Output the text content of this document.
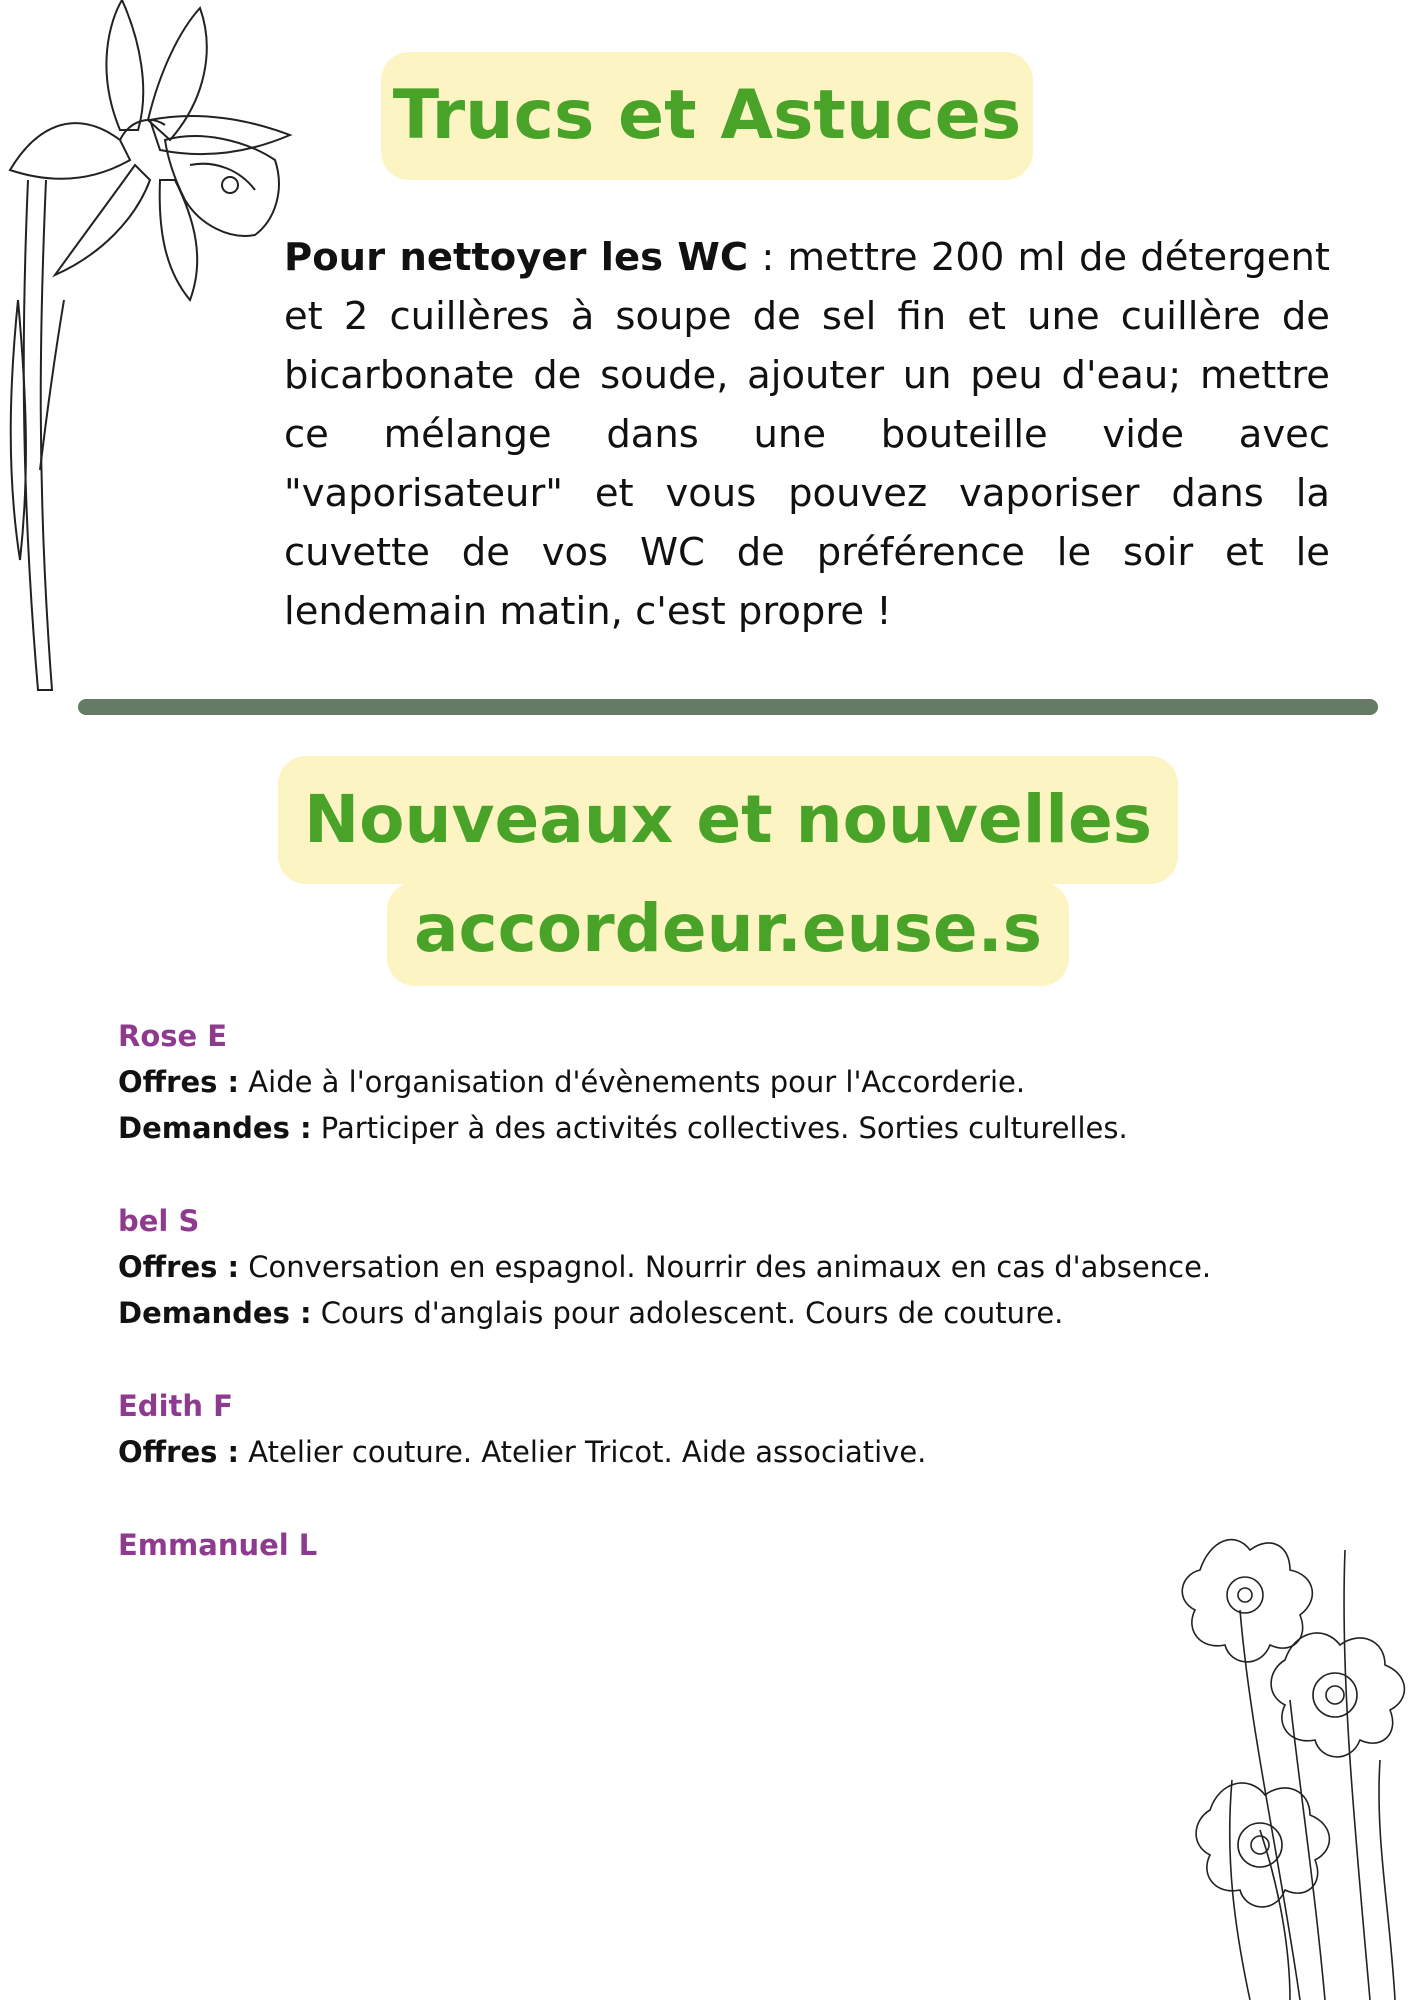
Trucs et Astuces
Pour nettoyer les WC : mettre 200 ml de détergent et 2 cuillères à soupe de sel fin et une cuillère de bicarbonate de soude, ajouter un peu d'eau; mettre ce mélange dans une bouteille vide avec "vaporisateur" et vous pouvez vaporiser dans la cuvette de vos WC de préférence le soir et le lendemain matin, c'est propre !
Nouveaux et nouvelles
accordeur.euse.s
Rose E
Offres : Aide à l'organisation d'évènements pour l'Accorderie.
Demandes : Participer à des activités collectives. Sorties culturelles.
bel S
Offres : Conversation en espagnol. Nourrir des animaux en cas d'absence.
Demandes : Cours d'anglais pour adolescent. Cours de couture.
Edith F
Offres : Atelier couture. Atelier Tricot. Aide associative.
Emmanuel L
